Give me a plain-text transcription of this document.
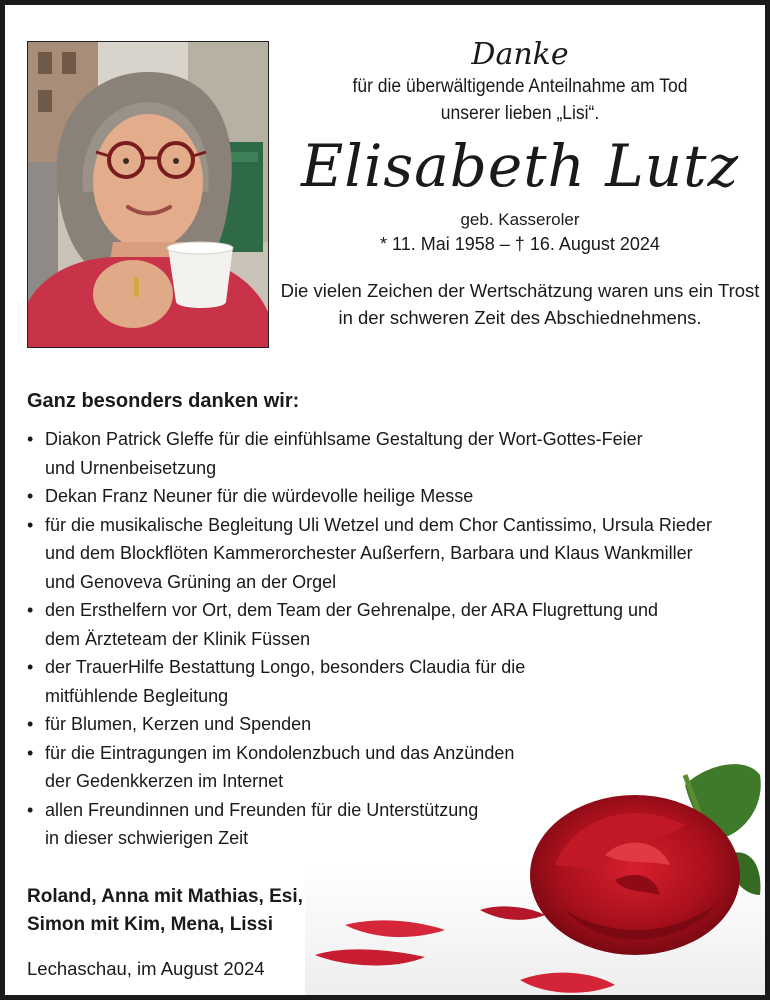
Danke
für die überwältigende Anteilnahme am Tod
unserer lieben „Lisi“.
Elisabeth Lutz
geb. Kasseroler
* 11. Mai 1958 – † 16. August 2024
Die vielen Zeichen der Wertschätzung waren uns ein Trost
in der schweren Zeit des Abschiednehmens.
Ganz besonders danken wir:
• Diakon Patrick Gleffe für die einfühlsame Gestaltung der Wort-Gottes-Feier
und Urnenbeisetzung
• Dekan Franz Neuner für die würdevolle heilige Messe
• für die musikalische Begleitung Uli Wetzel und dem Chor Cantissimo, Ursula Rieder
und dem Blockflöten Kammerorchester Außerfern, Barbara und Klaus Wankmiller
und Genoveva Grüning an der Orgel
• den Ersthelfern vor Ort, dem Team der Gehrenalpe, der ARA Flugrettung und
dem Ärzteteam der Klinik Füssen
• der TrauerHilfe Bestattung Longo, besonders Claudia für die
mitfühlende Begleitung
• für Blumen, Kerzen und Spenden
• für die Eintragungen im Kondolenzbuch und das Anzünden
der Gedenkkerzen im Internet
• allen Freundinnen und Freunden für die Unterstützung
in dieser schwierigen Zeit
Roland, Anna mit Mathias, Esi,
Simon mit Kim, Mena, Lissi
Lechaschau, im August 2024
